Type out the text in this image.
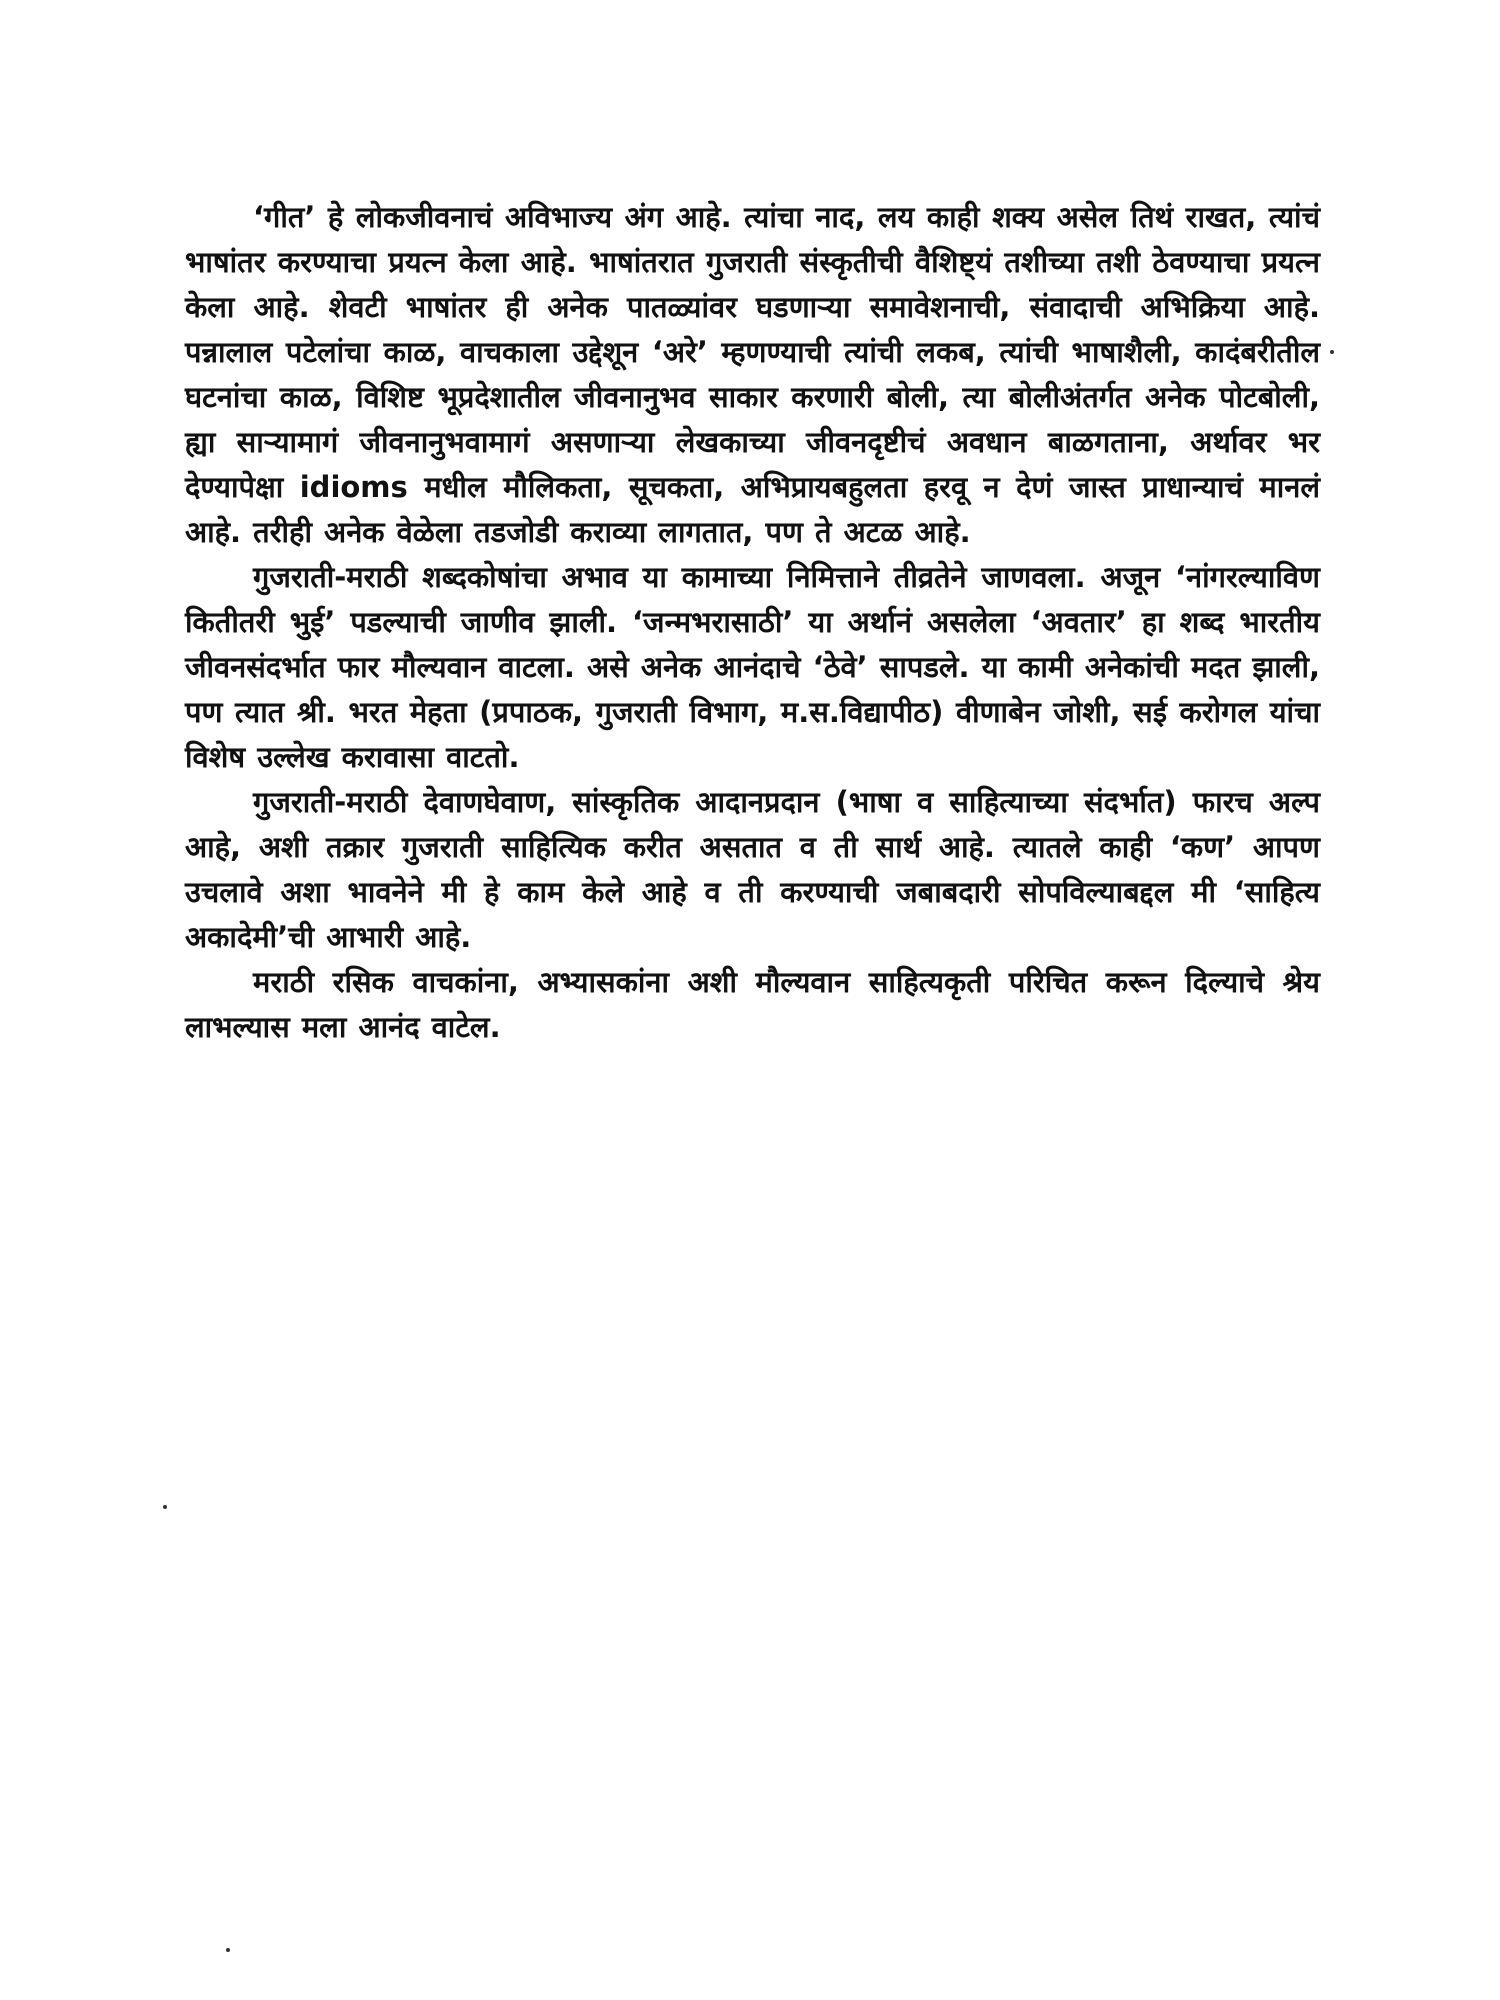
‘गीत’ हे लोकजीवनाचं अविभाज्य अंग आहे. त्यांचा नाद, लय काही शक्य असेल तिथं राखत, त्यांचं भाषांतर करण्याचा प्रयत्न केला आहे. भाषांतरात गुजराती संस्कृतीची वैशिष्ट्यं तशीच्या तशी ठेवण्याचा प्रयत्न केला आहे. शेवटी भाषांतर ही अनेक पातळ्यांवर घडणाऱ्या समावेशनाची, संवादाची अभिक्रिया आहे. पन्नालाल पटेलांचा काळ, वाचकाला उद्देशून ‘अरे’ म्हणण्याची त्यांची लकब, त्यांची भाषाशैली, कादंबरीतील घटनांचा काळ, विशिष्ट भूप्रदेशातील जीवनानुभव साकार करणारी बोली, त्या बोलीअंतर्गत अनेक पोटबोली, ह्या साऱ्यामागं जीवनानुभवामागं असणाऱ्या लेखकाच्या जीवनदृष्टीचं अवधान बाळगताना, अर्थावर भर देण्यापेक्षा idioms मधील मौलिकता, सूचकता, अभिप्रायबहुलता हरवू न देणं जास्त प्राधान्याचं मानलं आहे. तरीही अनेक वेळेला तडजोडी कराव्या लागतात, पण ते अटळ आहे.

गुजराती-मराठी शब्दकोषांचा अभाव या कामाच्या निमित्ताने तीव्रतेने जाणवला. अजून ‘नांगरल्याविण कितीतरी भुई’ पडल्याची जाणीव झाली. ‘जन्मभरासाठी’ या अर्थानं असलेला ‘अवतार’ हा शब्द भारतीय जीवनसंदर्भात फार मौल्यवान वाटला. असे अनेक आनंदाचे ‘ठेवे’ सापडले. या कामी अनेकांची मदत झाली, पण त्यात श्री. भरत मेहता (प्रपाठक, गुजराती विभाग, म.स.विद्यापीठ) वीणाबेन जोशी, सई करोगल यांचा विशेष उल्लेख करावासा वाटतो.

गुजराती-मराठी देवाणघेवाण, सांस्कृतिक आदानप्रदान (भाषा व साहित्याच्या संदर्भात) फारच अल्प आहे, अशी तक्रार गुजराती साहित्यिक करीत असतात व ती सार्थ आहे. त्यातले काही ‘कण’ आपण उचलावे अशा भावनेने मी हे काम केले आहे व ती करण्याची जबाबदारी सोपविल्याबद्दल मी ‘साहित्य अकादेमी’ची आभारी आहे.

मराठी रसिक वाचकांना, अभ्यासकांना अशी मौल्यवान साहित्यकृती परिचित करून दिल्याचे श्रेय लाभल्यास मला आनंद वाटेल.
